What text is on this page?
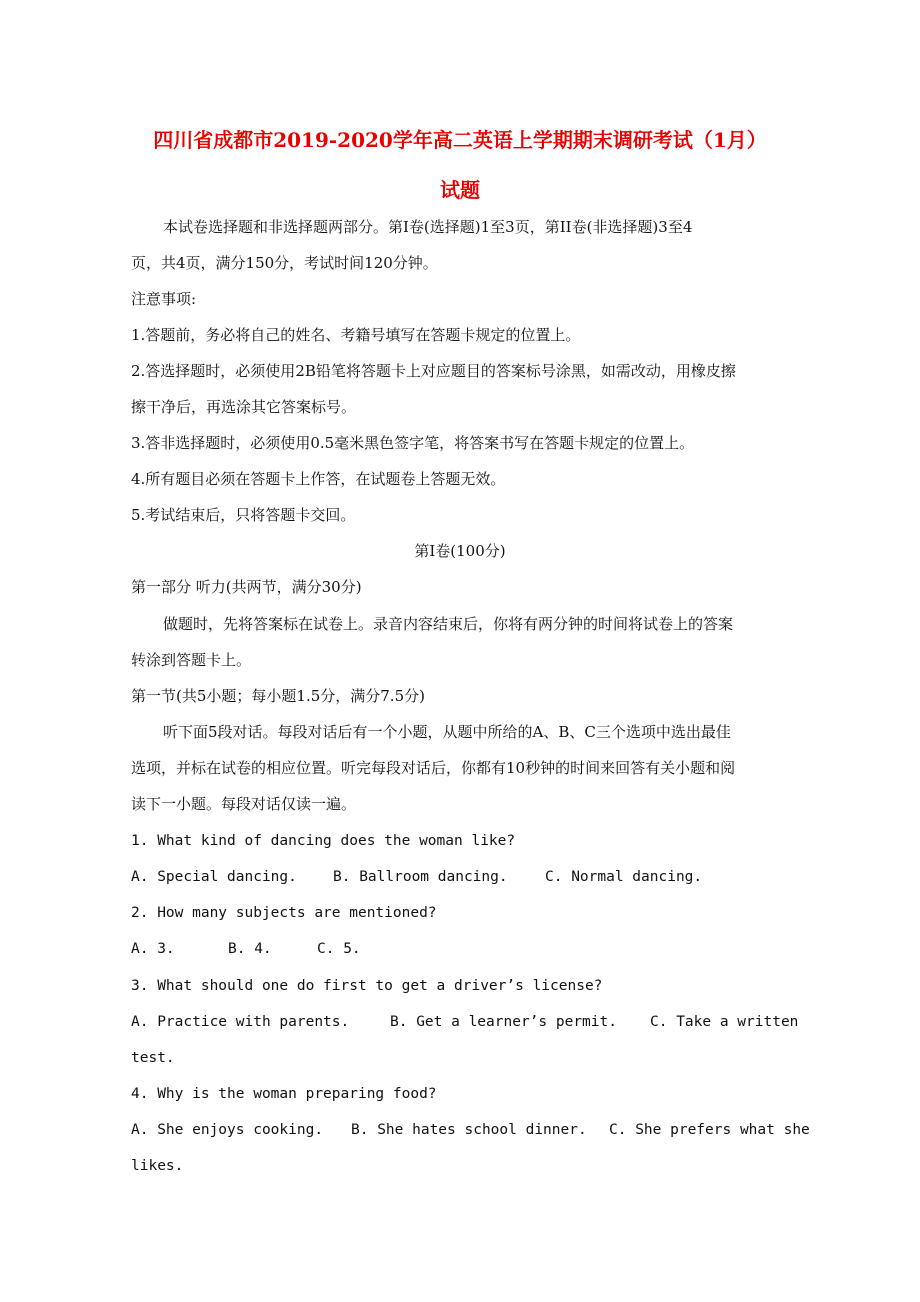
四川省成都市2019-2020学年高二英语上学期期末调研考试（1月）
试题
本试卷选择题和非选择题两部分。第I卷(选择题)1至3页，第II卷(非选择题)3至4
页，共4页，满分150分，考试时间120分钟。
注意事项:
1.答题前，务必将自己的姓名、考籍号填写在答题卡规定的位置上。
2.答选择题时，必须使用2B铅笔将答题卡上对应题目的答案标号涂黑，如需改动，用橡皮擦
擦干净后，再选涂其它答案标号。
3.答非选择题时，必须使用0.5毫米黑色签字笔，将答案书写在答题卡规定的位置上。
4.所有题目必须在答题卡上作答，在试题卷上答题无效。
5.考试结束后，只将答题卡交回。
第I卷(100分)
第一部分 听力(共两节，满分30分)
做题时，先将答案标在试卷上。录音内容结束后，你将有两分钟的时间将试卷上的答案
转涂到答题卡上。
第一节(共5小题；每小题1.5分，满分7.5分)
听下面5段对话。每段对话后有一个小题，从题中所给的A、B、C三个选项中选出最佳
选项，并标在试卷的相应位置。听完每段对话后，你都有10秒钟的时间来回答有关小题和阅
读下一小题。每段对话仅读一遍。
1. What kind of dancing does the woman like?
A. Special dancing. B. Ballroom dancing.	C. Normal dancing.
2. How many subjects are mentioned?
A. 3.	B. 4.	C. 5.
3. What should one do first to get a driver’s license?
A. Practice with parents.	B. Get a learner’s permit. C. Take a written
test.
4. Why is the woman preparing food?
A. She enjoys cooking. B. She hates school dinner. C. She prefers what she
likes.
